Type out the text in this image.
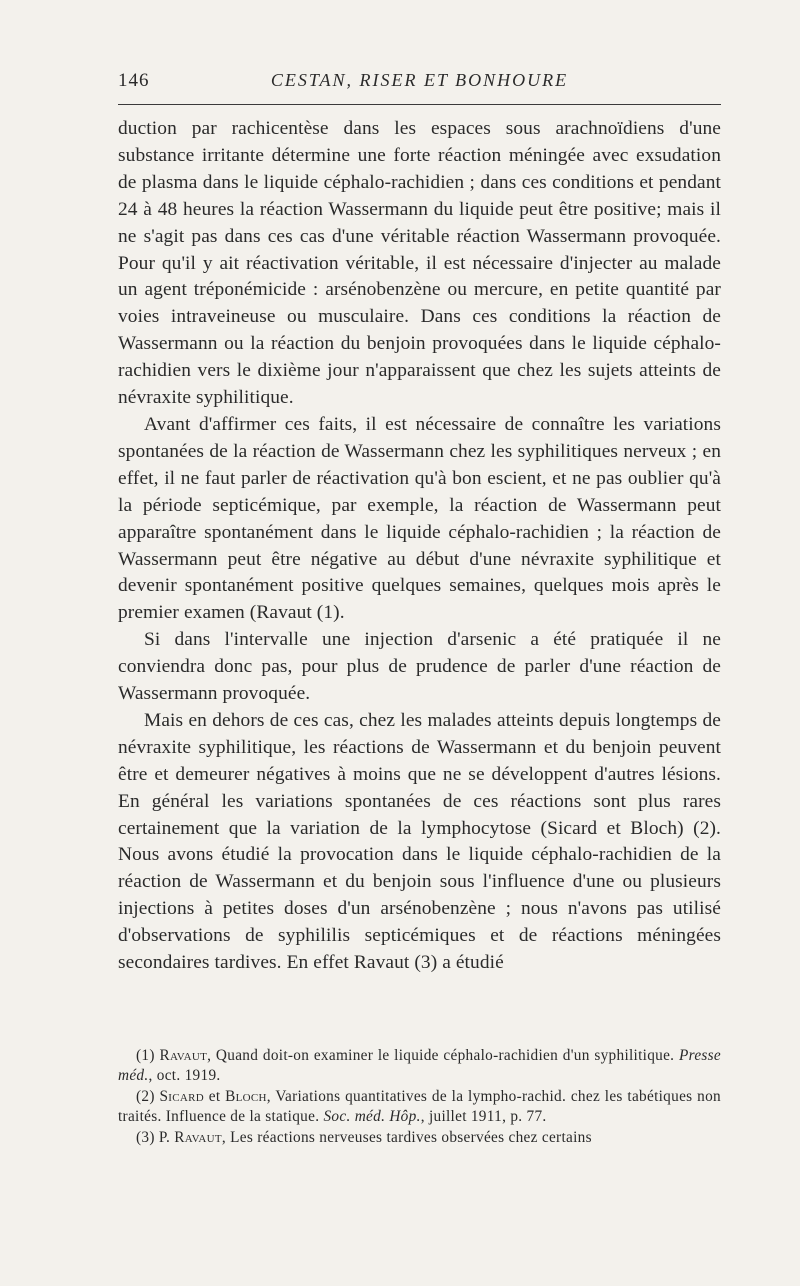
146	CESTAN, RISER ET BONHOURE

duction par rachicentèse dans les espaces sous arachnoïdiens d'une substance irritante détermine une forte réaction méningée avec exsudation de plasma dans le liquide céphalo-rachidien ; dans ces conditions et pendant 24 à 48 heures la réaction Wassermann du liquide peut être positive; mais il ne s'agit pas dans ces cas d'une véritable réaction Wassermann provoquée. Pour qu'il y ait réactivation véritable, il est nécessaire d'injecter au malade un agent tréponémicide : arsénobenzène ou mercure, en petite quantité par voies intraveineuse ou musculaire. Dans ces conditions la réaction de Wassermann ou la réaction du benjoin provoquées dans le liquide céphalo-rachidien vers le dixième jour n'apparaissent que chez les sujets atteints de névraxite syphilitique.

Avant d'affirmer ces faits, il est nécessaire de connaître les variations spontanées de la réaction de Wassermann chez les syphilitiques nerveux ; en effet, il ne faut parler de réactivation qu'à bon escient, et ne pas oublier qu'à la période septicémique, par exemple, la réaction de Wassermann peut apparaître spontanément dans le liquide céphalo-rachidien ; la réaction de Wassermann peut être négative au début d'une névraxite syphilitique et devenir spontanément positive quelques semaines, quelques mois après le premier examen (Ravaut (1).

Si dans l'intervalle une injection d'arsenic a été pratiquée il ne conviendra donc pas, pour plus de prudence de parler d'une réaction de Wassermann provoquée.

Mais en dehors de ces cas, chez les malades atteints depuis longtemps de névraxite syphilitique, les réactions de Wassermann et du benjoin peuvent être et demeurer négatives à moins que ne se développent d'autres lésions. En général les variations spontanées de ces réactions sont plus rares certainement que la variation de la lymphocytose (Sicard et Bloch) (2). Nous avons étudié la provocation dans le liquide céphalo-rachidien de la réaction de Wassermann et du benjoin sous l'influence d'une ou plusieurs injections à petites doses d'un arsénobenzène ; nous n'avons pas utilisé d'observations de syphililis septicémiques et de réactions méningées secondaires tardives. En effet Ravaut (3) a étudié

(1) Ravaut, Quand doit-on examiner le liquide céphalo-rachidien d'un syphilitique. Presse méd., oct. 1919.

(2) Sicard et Bloch, Variations quantitatives de la lympho-rachid. chez les tabétiques non traités. Influence de la statique. Soc. méd. Hôp., juillet 1911, p. 77.

(3) P. Ravaut, Les réactions nerveuses tardives observées chez certains
